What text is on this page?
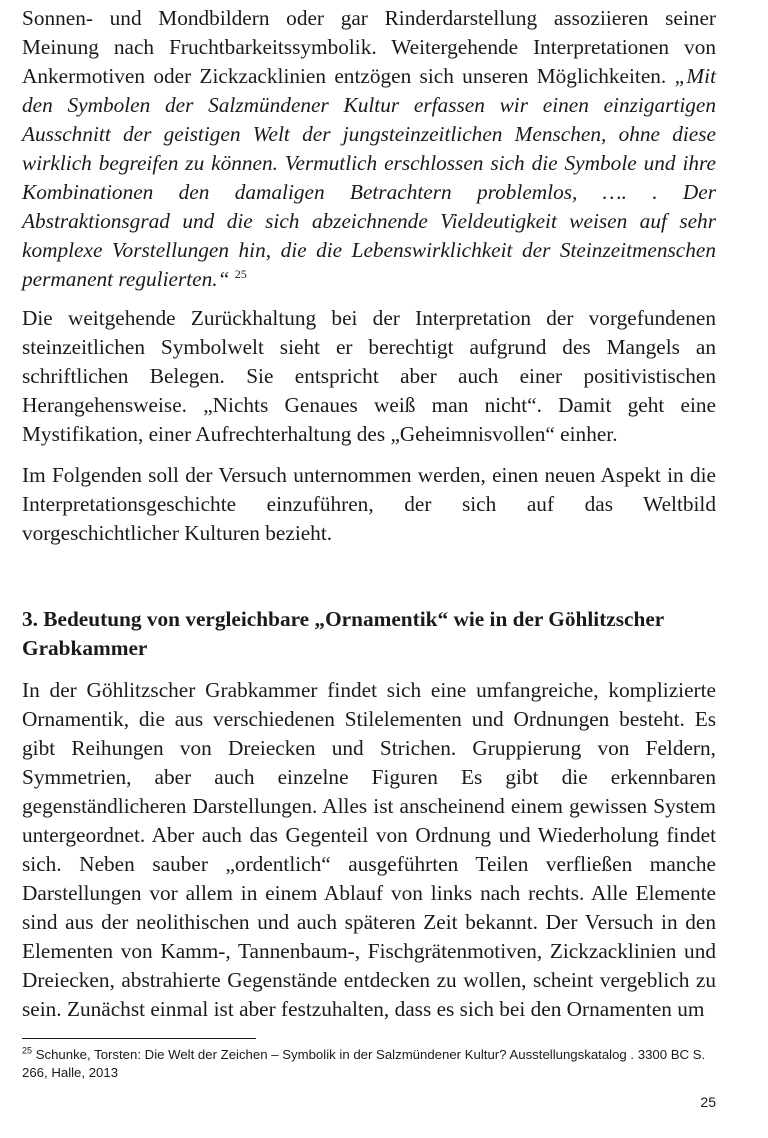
Sonnen- und Mondbildern oder gar Rinderdarstellung assoziieren seiner Meinung nach Fruchtbarkeitssymbolik. Weitergehende Interpretationen von Ankermotiven oder Zickzacklinien entzögen sich unseren Möglichkeiten. „Mit den Symbolen der Salzmündener Kultur erfassen wir einen einzigartigen Ausschnitt der geistigen Welt der jungsteinzeitlichen Menschen, ohne diese wirklich begreifen zu können. Vermutlich erschlossen sich die Symbole und ihre Kombinationen den damaligen Betrachtern problemlos, …. . Der Abstraktionsgrad und die sich abzeichnende Vieldeutigkeit weisen auf sehr komplexe Vorstellungen hin, die die Lebenswirklichkeit der Steinzeitmenschen permanent regulierten.“ $^{25}$

Die weitgehende Zurückhaltung bei der Interpretation der vorgefundenen steinzeitlichen Symbolwelt sieht er berechtigt aufgrund des Mangels an schriftlichen Belegen. Sie entspricht aber auch einer positivistischen Herangehensweise. „Nichts Genaues weiß man nicht“. Damit geht eine Mystifikation, einer Aufrechterhaltung des „Geheimnisvollen“ einher.

Im Folgenden soll der Versuch unternommen werden, einen neuen Aspekt in die Interpretationsgeschichte einzuführen, der sich auf das Weltbild vorgeschichtlicher Kulturen bezieht.

3. Bedeutung von vergleichbare „Ornamentik“ wie in der Göhlitzscher Grabkammer

In der Göhlitzscher Grabkammer findet sich eine umfangreiche, komplizierte Ornamentik, die aus verschiedenen Stilelementen und Ordnungen besteht. Es gibt Reihungen von Dreiecken und Strichen. Gruppierung von Feldern, Symmetrien, aber auch einzelne Figuren Es gibt die erkennbaren gegenständlicheren Darstellungen. Alles ist anscheinend einem gewissen System untergeordnet. Aber auch das Gegenteil von Ordnung und Wiederholung findet sich. Neben sauber „ordentlich“ ausgeführten Teilen verfließen manche Darstellungen vor allem in einem Ablauf von links nach rechts. Alle Elemente sind aus der neolithischen und auch späteren Zeit bekannt. Der Versuch in den Elementen von Kamm-, Tannenbaum-, Fischgrätenmotiven, Zickzacklinien und Dreiecken, abstrahierte Gegenstände entdecken zu wollen, scheint vergeblich zu sein. Zunächst einmal ist aber festzuhalten, dass es sich bei den Ornamenten um

$^{25}$ Schunke, Torsten: Die Welt der Zeichen – Symbolik in der Salzmündener Kultur? Ausstellungskatalog . 3300 BC S. 266, Halle, 2013

25
